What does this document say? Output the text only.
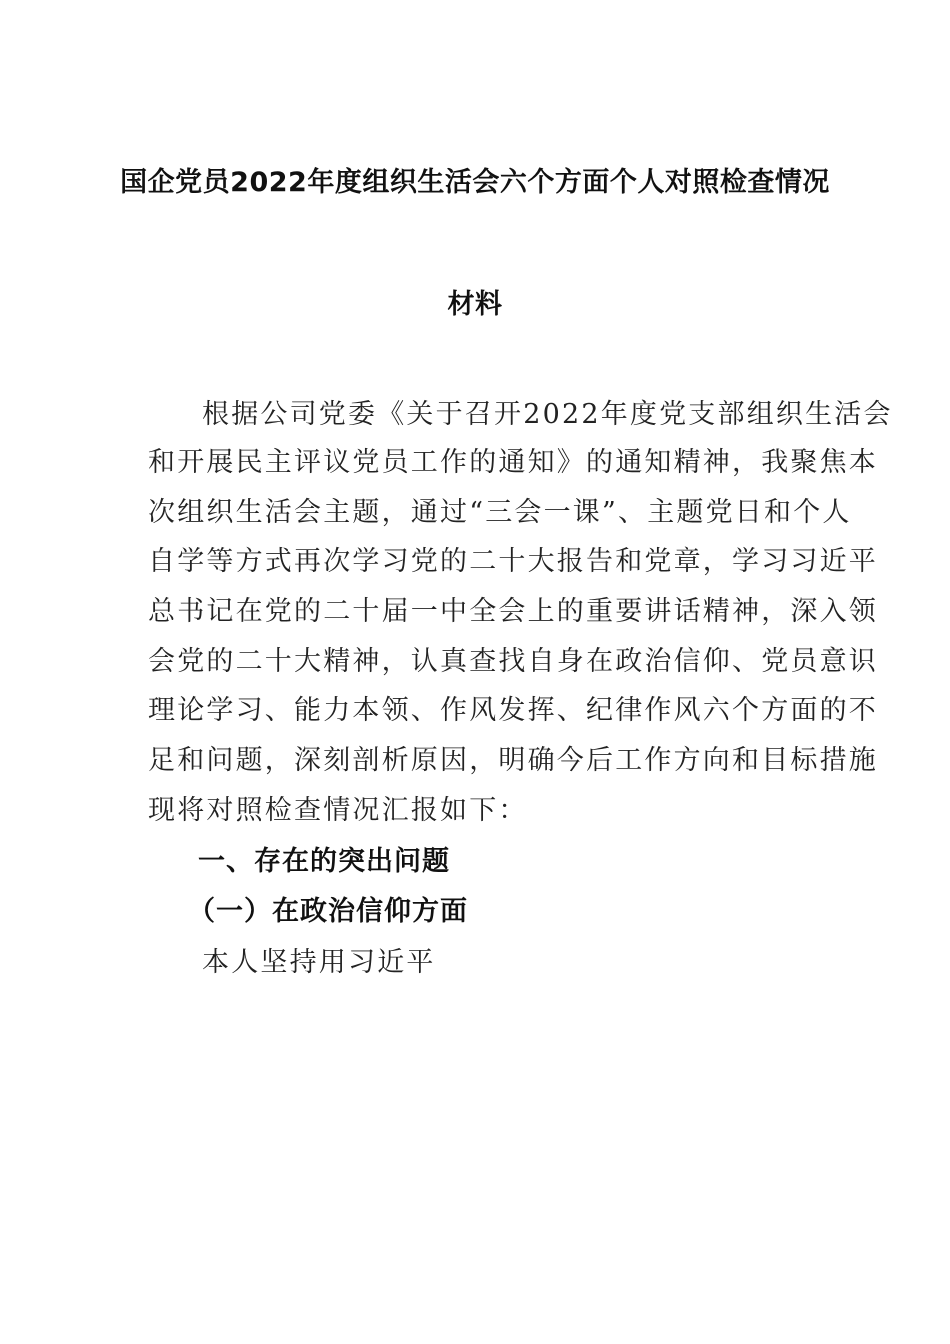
国企党员2022年度组织生活会六个方面个人对照检查情况
材料
根据公司党委《关于召开2022年度党支部组织生活会
和开展民主评议党员工作的通知》的通知精神，我聚焦本
次组织生活会主题，通过“三会一课”、主题党日和个人
自学等方式再次学习党的二十大报告和党章，学习习近平
总书记在党的二十届一中全会上的重要讲话精神，深入领
会党的二十大精神，认真查找自身在政治信仰、党员意识
理论学习、能力本领、作风发挥、纪律作风六个方面的不
足和问题，深刻剖析原因，明确今后工作方向和目标措施
现将对照检查情况汇报如下：
一、存在的突出问题
（一）在政治信仰方面
本人坚持用习近平
